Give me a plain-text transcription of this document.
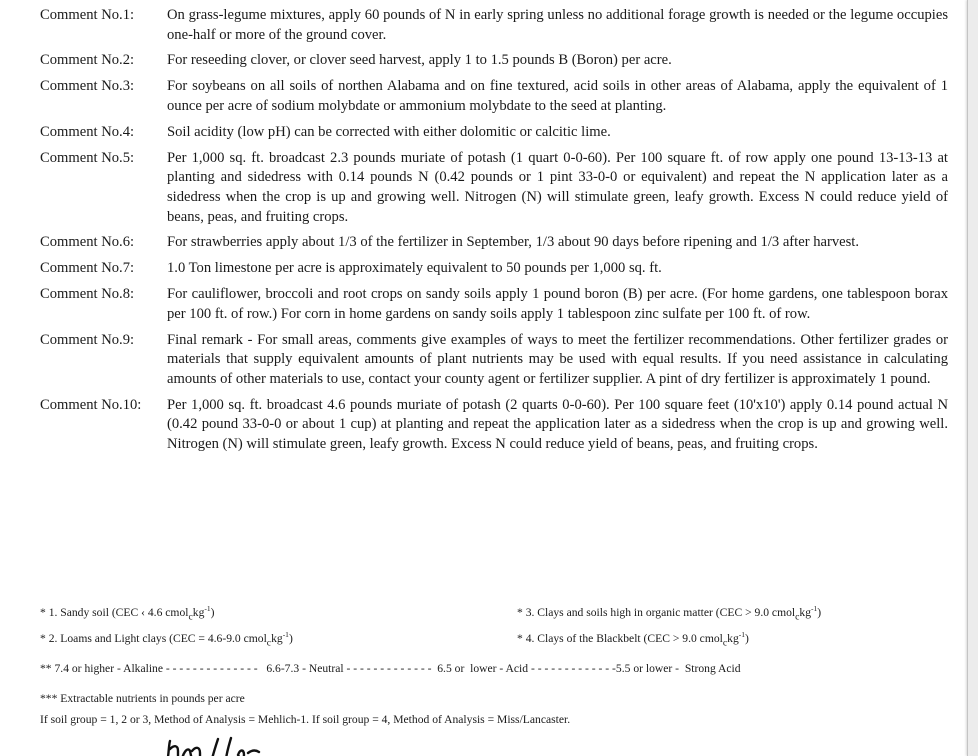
Comment No.1:	On grass-legume mixtures, apply 60 pounds of N in early spring unless no additional forage growth is needed or the legume occupies one-half or more of the ground cover.
Comment No.2:	For reseeding clover, or clover seed harvest, apply 1 to 1.5 pounds B (Boron) per acre.
Comment No.3:	For soybeans on all soils of northen Alabama and on fine textured, acid soils in other areas of Alabama, apply the equivalent of 1 ounce per acre of sodium molybdate or ammonium molybdate to the seed at planting.
Comment No.4:	Soil acidity (low pH) can be corrected with either dolomitic or calcitic lime.
Comment No.5:	Per 1,000 sq. ft. broadcast 2.3 pounds muriate of potash (1 quart 0-0-60). Per 100 square ft. of row apply one pound 13-13-13 at planting and sidedress with 0.14 pounds N (0.42 pounds or 1 pint 33-0-0 or equivalent) and repeat the N application later as a sidedress when the crop is up and growing well. Nitrogen (N) will stimulate green, leafy growth. Excess N could reduce yield of beans, peas, and fruiting crops.
Comment No.6:	For strawberries apply about 1/3 of the fertilizer in September, 1/3 about 90 days before ripening and 1/3 after harvest.
Comment No.7:	1.0 Ton limestone per acre is approximately equivalent to 50 pounds per 1,000 sq. ft.
Comment No.8:	For cauliflower, broccoli and root crops on sandy soils apply 1 pound boron (B) per acre. (For home gardens, one tablespoon borax per 100 ft. of row.) For corn in home gardens on sandy soils apply 1 tablespoon zinc sulfate per 100 ft. of row.
Comment No.9:	Final remark - For small areas, comments give examples of ways to meet the fertilizer recommendations. Other fertilizer grades or materials that supply equivalent amounts of plant nutrients may be used with equal results. If you need assistance in calculating amounts of other materials to use, contact your county agent or fertilizer supplier. A pint of dry fertilizer is approximately 1 pound.
Comment No.10:	Per 1,000 sq. ft. broadcast 4.6 pounds muriate of potash (2 quarts 0-0-60). Per 100 square feet (10'x10') apply 0.14 pound actual N (0.42 pound 33-0-0 or about 1 cup) at planting and repeat the application later as a sidedress when the crop is up and growing well. Nitrogen (N) will stimulate green, leafy growth. Excess N could reduce yield of beans, peas, and fruiting crops.
* 1. Sandy soil (CEC ‹ 4.6 $cmol_ckg^{-1}$)	* 3. Clays and soils high in organic matter (CEC > 9.0 $cmol_ckg^{-1}$)
* 2. Loams and Light clays (CEC = 4.6-9.0 $cmol_ckg^{-1}$)	* 4. Clays of the Blackbelt (CEC > 9.0 $cmol_ckg^{-1}$)
** 7.4 or higher - Alkaline - - - - - - - - - - - - - -   6.6-7.3 - Neutral - - - - - - - - - - - - -  6.5 or  lower - Acid - - - - - - - - - - - - -5.5 or lower -  Strong Acid
*** Extractable nutrients in pounds per acre
If soil group = 1, 2 or 3, Method of Analysis = Mehlich-1. If soil group = 4, Method of Analysis = Miss/Lancaster.
